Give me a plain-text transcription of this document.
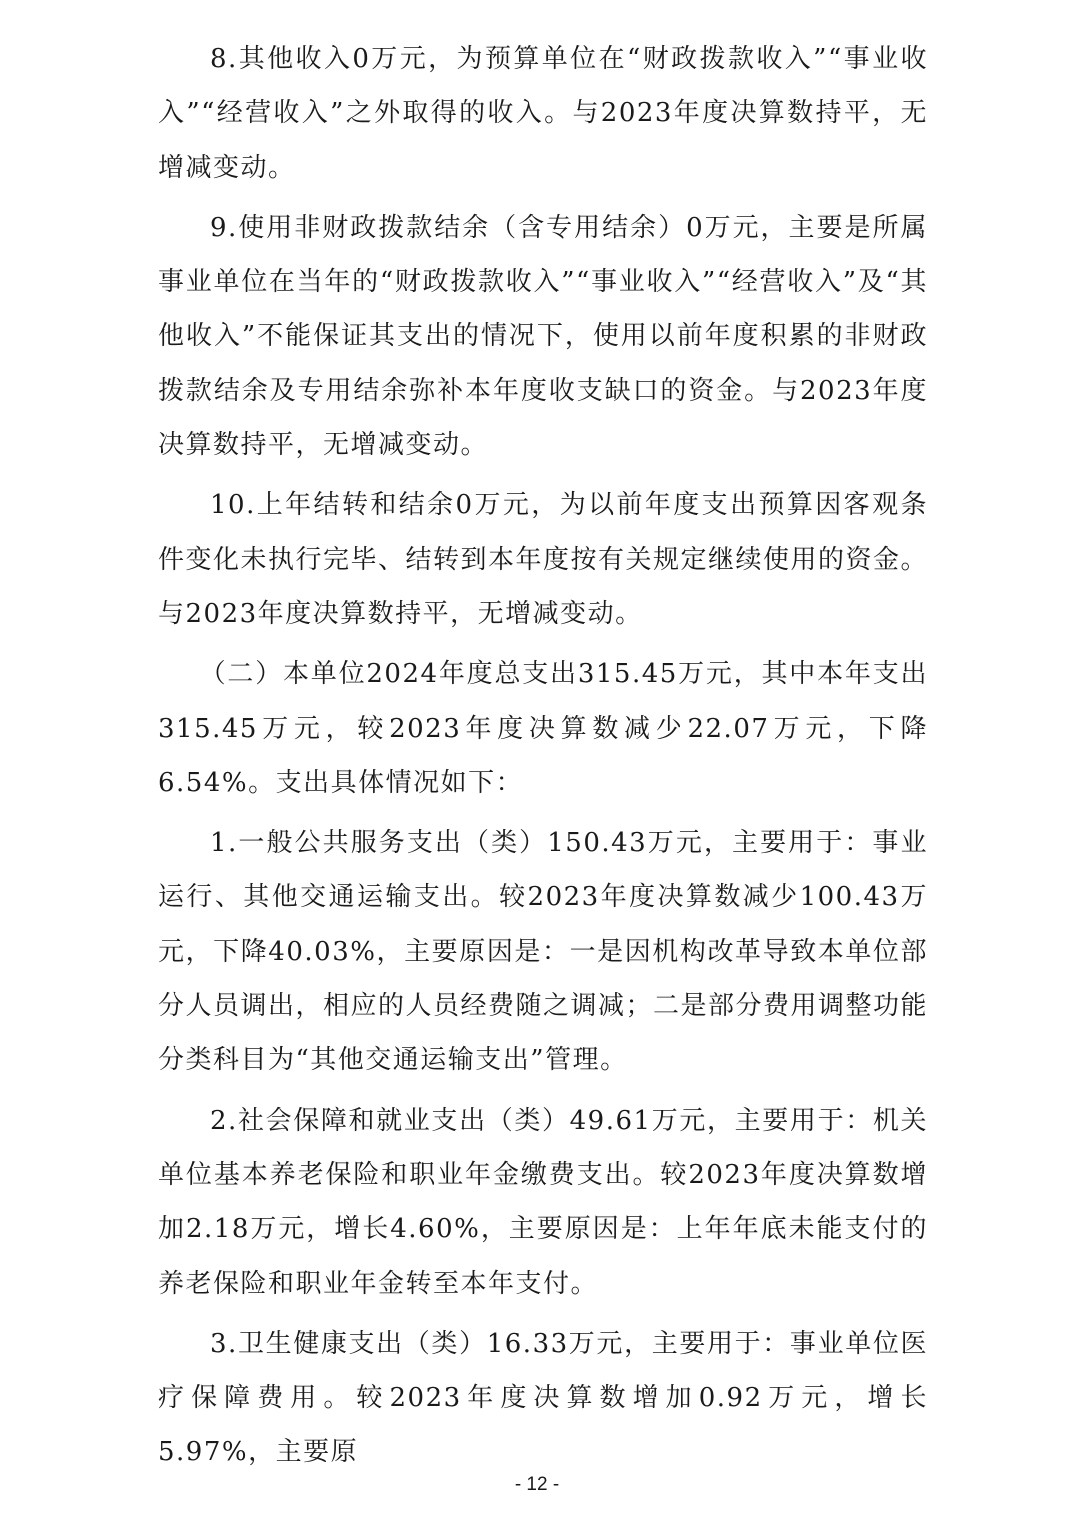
8.其他收入0万元，为预算单位在“财政拨款收入”“事业收入”“经营收入”之外取得的收入。与2023年度决算数持平，无增减变动。

9.使用非财政拨款结余（含专用结余）0万元，主要是所属事业单位在当年的“财政拨款收入”“事业收入”“经营收入”及“其他收入”不能保证其支出的情况下，使用以前年度积累的非财政拨款结余及专用结余弥补本年度收支缺口的资金。与2023年度决算数持平，无增减变动。

10.上年结转和结余0万元，为以前年度支出预算因客观条件变化未执行完毕、结转到本年度按有关规定继续使用的资金。与2023年度决算数持平，无增减变动。

（二）本单位2024年度总支出315.45万元，其中本年支出315.45万元，较2023年度决算数减少22.07万元，下降6.54%。支出具体情况如下：

1.一般公共服务支出（类）150.43万元，主要用于：事业运行、其他交通运输支出。较2023年度决算数减少100.43万元，下降40.03%，主要原因是：一是因机构改革导致本单位部分人员调出，相应的人员经费随之调减；二是部分费用调整功能分类科目为“其他交通运输支出”管理。

2.社会保障和就业支出（类）49.61万元，主要用于：机关单位基本养老保险和职业年金缴费支出。较2023年度决算数增加2.18万元，增长4.60%，主要原因是：上年年底未能支付的养老保险和职业年金转至本年支付。

3.卫生健康支出（类）16.33万元，主要用于：事业单位医疗保障费用。较2023年度决算数增加0.92万元，增长5.97%，主要原

- 12 -
